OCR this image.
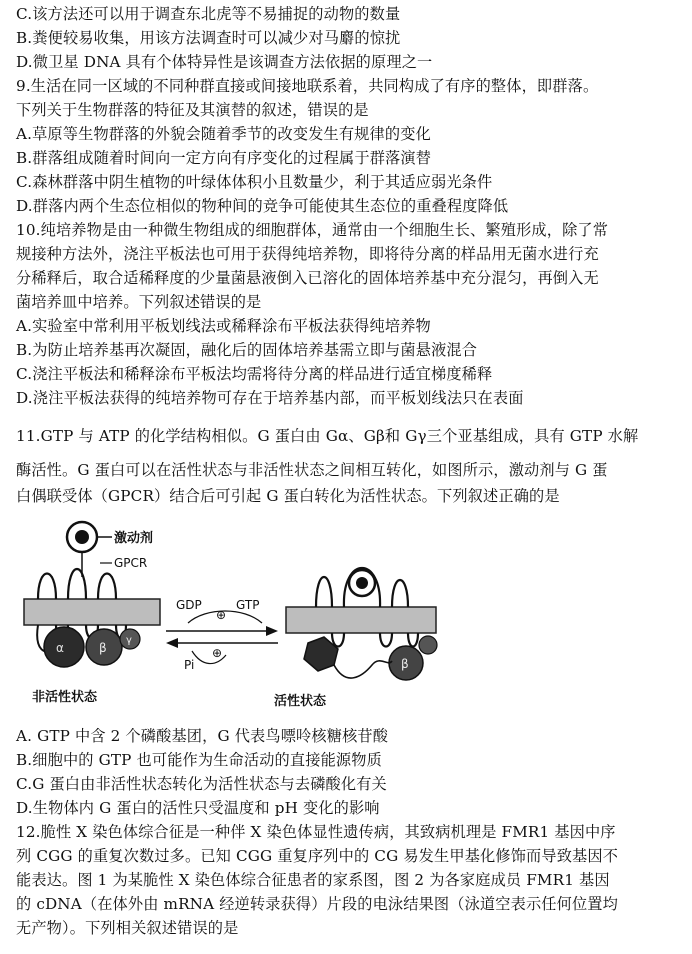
C.该方法还可以用于调查东北虎等不易捕捉的动物的数量
B.粪便较易收集，用该方法调查时可以减少对马麝的惊扰
D.微卫星 DNA 具有个体特异性是该调查方法依据的原理之一
9.生活在同一区域的不同种群直接或间接地联系着，共同构成了有序的整体，即群落。
下列关于生物群落的特征及其演替的叙述，错误的是
A.草原等生物群落的外貌会随着季节的改变发生有规律的变化
B.群落组成随着时间向一定方向有序变化的过程属于群落演替
C.森林群落中阴生植物的叶绿体体积小且数量少，利于其适应弱光条件
D.群落内两个生态位相似的物种间的竞争可能使其生态位的重叠程度降低
10.纯培养物是由一种微生物组成的细胞群体，通常由一个细胞生长、繁殖形成，除了常
规接种方法外，浇注平板法也可用于获得纯培养物，即将待分离的样品用无菌水进行充
分稀释后，取合适稀释度的少量菌悬液倒入已溶化的固体培养基中充分混匀，再倒入无
菌培养皿中培养。下列叙述错误的是
A.实验室中常利用平板划线法或稀释涂布平板法获得纯培养物
B.为防止培养基再次凝固，融化后的固体培养基需立即与菌悬液混合
C.浇注平板法和稀释涂布平板法均需将待分离的样品进行适宜梯度稀释
D.浇注平板法获得的纯培养物可存在于培养基内部，而平板划线法只在表面
11.GTP 与 ATP 的化学结构相似。G 蛋白由 Gα、Gβ和 Gγ三个亚基组成，具有 GTP 水解
酶活性。G 蛋白可以在活性状态与非活性状态之间相互转化，如图所示，激动剂与 G 蛋
白偶联受体（GPCR）结合后可引起 G 蛋白转化为活性状态。下列叙述正确的是
激动剂
GPCR
α	β
γ
GDP
⊕
GTP
Pi
⊕
β
非活性状态	活性状态
A. GTP 中含 2 个磷酸基团，G 代表鸟嘌呤核糖核苷酸
B.细胞中的 GTP 也可能作为生命活动的直接能源物质
C.G 蛋白由非活性状态转化为活性状态与去磷酸化有关
D.生物体内 G 蛋白的活性只受温度和 pH 变化的影响
12.脆性 X 染色体综合征是一种伴 X 染色体显性遗传病，其致病机理是 FMR1 基因中序
列 CGG 的重复次数过多。已知 CGG 重复序列中的 CG 易发生甲基化修饰而导致基因不
能表达。图 1 为某脆性 X 染色体综合征患者的家系图，图 2 为各家庭成员 FMR1 基因
的 cDNA（在体外由 mRNA 经逆转录获得）片段的电泳结果图（泳道空表示任何位置均
无产物）。下列相关叙述错误的是
